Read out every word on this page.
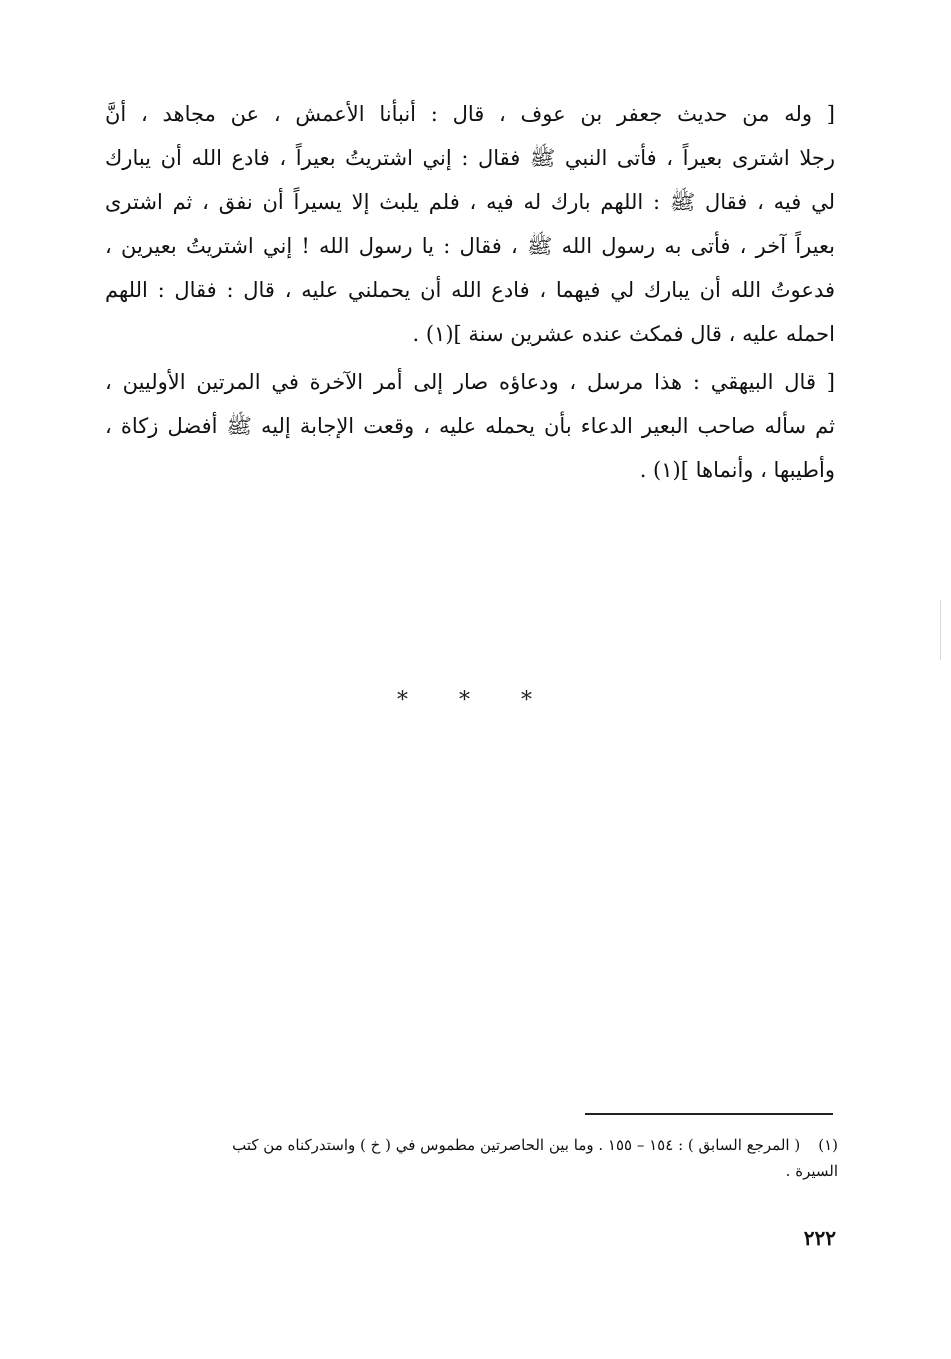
[ وله من حديث جعفر بن عوف ، قال : أنبأنا الأعمش ، عن مجاهد ، أنَّ
رجلا اشترى بعيراً ، فأتى النبي ﷺ فقال : إني اشتريتُ بعيراً ، فادع الله أن يبارك
لي فيه ، فقال ﷺ : اللهم بارك له فيه ، فلم يلبث إلا يسيراً أن نفق ، ثم اشترى
بعيراً آخر ، فأتى به رسول الله ﷺ ، فقال : يا رسول الله ! إني اشتريتُ بعيرين ،
فدعوتُ الله أن يبارك لي فيهما ، فادع الله أن يحملني عليه ، قال : فقال : اللهم
احمله عليه ، قال فمكث عنده عشرين سنة ](١) .
[ قال البيهقي : هذا مرسل ، ودعاؤه صار إلى أمر الآخرة في المرتين الأوليين ،
ثم سأله صاحب البعير الدعاء بأن يحمله عليه ، وقعت الإجابة إليه ﷺ أفضل زكاة ،
وأطيبها ، وأنماها ](١) .
* * *
(١)( المرجع السابق ) : ١٥٤ – ١٥٥ . وما بين الحاصرتين مطموس في ( خ ) واستدركناه من كتب
السيرة .
٢٢٢
